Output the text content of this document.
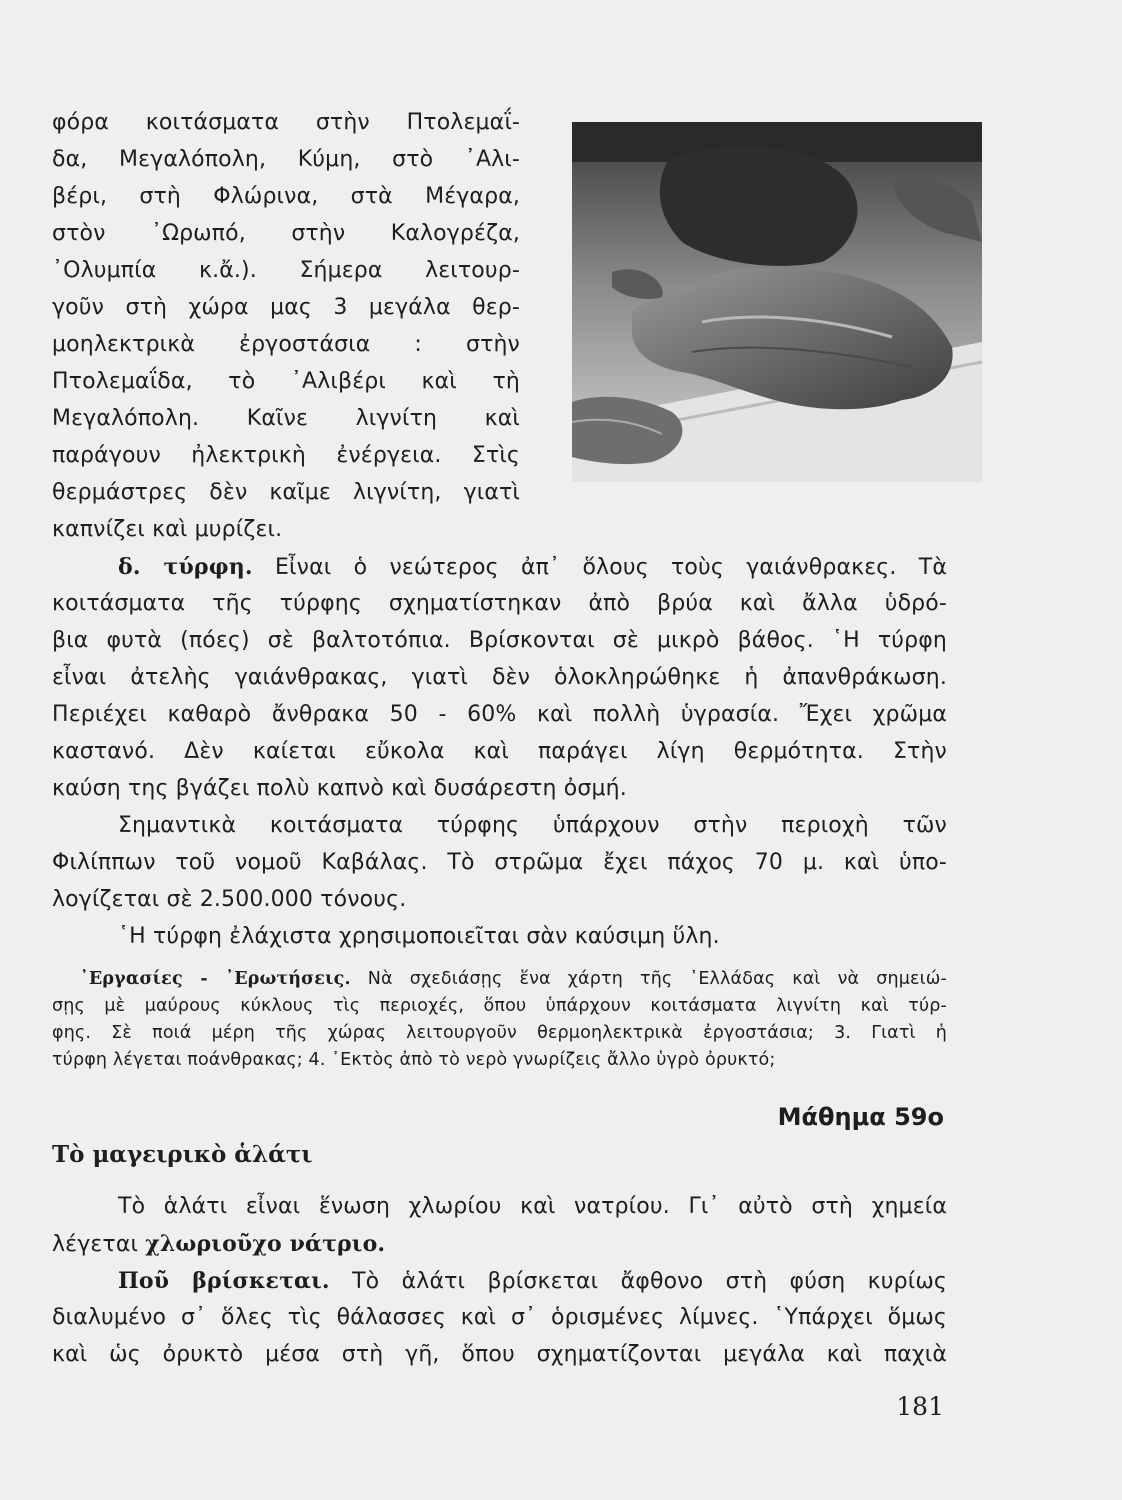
φόρα κοιτάσματα στὴν Πτολεμαΐ-
δα, Μεγαλόπολη, Κύμη, στὸ ᾿Αλι-
βέρι, στὴ Φλώρινα, στὰ Μέγαρα,
στὸν ᾿Ωρωπό, στὴν Καλογρέζα,
᾿Ολυμπία κ.ἄ.). Σήμερα λειτουρ-
γοῦν στὴ χώρα μας 3 μεγάλα θερ-
μοηλεκτρικὰ ἐργοστάσια : στὴν
Πτολεμαΐδα, τὸ ᾿Αλιβέρι καὶ τὴ
Μεγαλόπολη. Καῖνε λιγνίτη καὶ
παράγουν ἠλεκτρικὴ ἐνέργεια. Στὶς
θερμάστρες δὲν καῖμε λιγνίτη, γιατὶ
καπνίζει καὶ μυρίζει.
δ. τύρφη. Εἶναι ὁ νεώτερος ἀπ᾿ ὅλους τοὺς γαιάνθρακες. Τὰ
κοιτάσματα τῆς τύρφης σχηματίστηκαν ἀπὸ βρύα καὶ ἄλλα ὑδρό-
βια φυτὰ (πόες) σὲ βαλτοτόπια. Βρίσκονται σὲ μικρὸ βάθος. ῾Η τύρφη
εἶναι ἀτελὴς γαιάνθρακας, γιατὶ δὲν ὁλοκληρώθηκε ἡ ἀπανθράκωση.
Περιέχει καθαρὸ ἄνθρακα 50 - 60% καὶ πολλὴ ὑγρασία. Ἔχει χρῶμα
καστανό. Δὲν καίεται εὔκολα καὶ παράγει λίγη θερμότητα. Στὴν
καύση της βγάζει πολὺ καπνὸ καὶ δυσάρεστη ὀσμή.
Σημαντικὰ κοιτάσματα τύρφης ὑπάρχουν στὴν περιοχὴ τῶν
Φιλίππων τοῦ νομοῦ Καβάλας. Τὸ στρῶμα ἔχει πάχος 70 μ. καὶ ὑπο-
λογίζεται σὲ 2.500.000 τόνους.
῾Η τύρφη ἐλάχιστα χρησιμοποιεῖται σὰν καύσιμη ὕλη.
᾿Εργασίες - ᾿Ερωτήσεις. Νὰ σχεδιάσῃς ἕνα χάρτη τῆς ῾Ελλάδας καὶ νὰ σημειώ-
σῃς μὲ μαύρους κύκλους τὶς περιοχές, ὅπου ὑπάρχουν κοιτάσματα λιγνίτη καὶ τύρ-
φης. Σὲ ποιά μέρη τῆς χώρας λειτουργοῦν θερμοηλεκτρικὰ ἐργοστάσια; 3. Γιατὶ ἡ
τύρφη λέγεται ποάνθρακας; 4. ᾿Εκτὸς ἀπὸ τὸ νερὸ γνωρίζεις ἄλλο ὑγρὸ ὀρυκτό;
Μάθημα 59ο
Τὸ μαγειρικὸ ἁλάτι
Τὸ ἁλάτι εἶναι ἕνωση χλωρίου καὶ νατρίου. Γι᾿ αὐτὸ στὴ χημεία
λέγεται χλωριοῦχο νάτριο.
Ποῦ βρίσκεται. Τὸ ἁλάτι βρίσκεται ἄφθονο στὴ φύση κυρίως
διαλυμένο σ᾿ ὅλες τὶς θάλασσες καὶ σ᾿ ὁρισμένες λίμνες. ῾Υπάρχει ὅμως
καὶ ὡς ὀρυκτὸ μέσα στὴ γῆ, ὅπου σχηματίζονται μεγάλα καὶ παχιὰ
181
